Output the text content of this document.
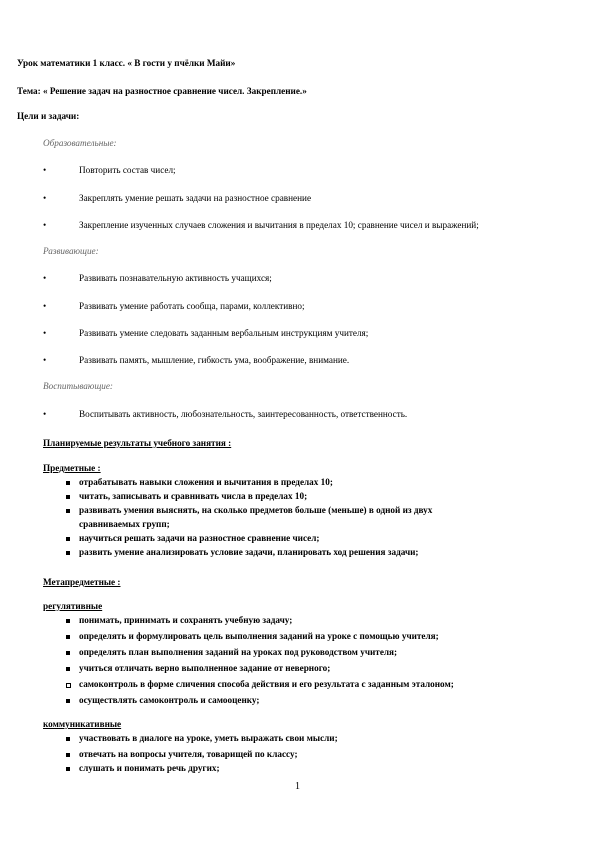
Урок математики 1 класс. « В гости у пчёлки Майи»
Тема: « Решение задач на разностное сравнение чисел. Закрепление.»
Цели и задачи:
Образовательные:
•	Повторить состав чисел;
•	Закреплять умение решать задачи на разностное сравнение
•	Закрепление изученных случаев сложения и вычитания в пределах 10; сравнение чисел и выражений;
Развивающие:
•	Развивать познавательную активность учащихся;
•	Развивать умение работать сообща, парами, коллективно;
•	Развивать умение следовать заданным вербальным инструкциям учителя;
•	Развивать память, мышление, гибкость ума, воображение, внимание.
Воспитывающие:
•	Воспитывать активность, любознательность, заинтересованность, ответственность.
Планируемые результаты учебного занятия :
Предметные :
отрабатывать навыки сложения и вычитания в пределах 10;
читать, записывать и сравнивать числа в пределах 10;
развивать умения выяснять, на сколько предметов больше (меньше) в одной из двух
сравниваемых групп;
научиться решать задачи на разностное сравнение чисел;
развить умение анализировать условие задачи, планировать ход решения задачи;
Метапредметные :
регулятивные
понимать, принимать и сохранять учебную задачу;
определять и формулировать цель выполнения заданий на уроке с помощью учителя;
определять план выполнения заданий на уроках под руководством учителя;
учиться отличать верно выполненное задание от неверного;
самоконтроль в форме сличения способа действия и его результата с заданным эталоном;
осуществлять самоконтроль и самооценку;
коммуникативные
участвовать в диалоге на уроке, уметь выражать свои мысли;
отвечать на вопросы учителя, товарищей по классу;
слушать и понимать речь других;
1
